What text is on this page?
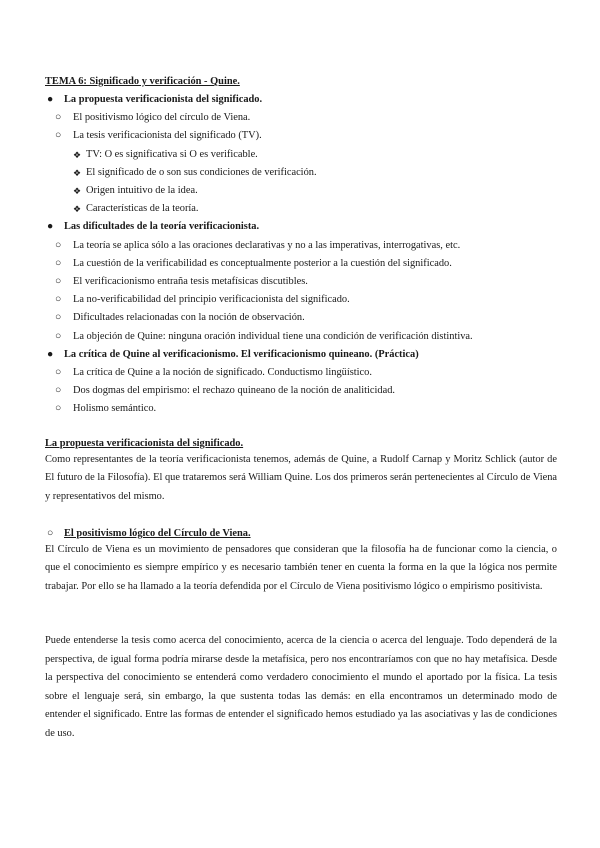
TEMA 6: Significado y verificación - Quine.
● La propuesta verificacionista del significado.
○ El positivismo lógico del círculo de Viena.
○ La tesis verificacionista del significado (TV).
❖ TV: O es significativa si O es verificable.
❖ El significado de o son sus condiciones de verificación.
❖ Origen intuitivo de la idea.
❖ Características de la teoría.
● Las dificultades de la teoría verificacionista.
○ La teoría se aplica sólo a las oraciones declarativas y no a las imperativas, interrogativas, etc.
○ La cuestión de la verificabilidad es conceptualmente posterior a la cuestión del significado.
○ El verificacionismo entraña tesis metafísicas discutibles.
○ La no-verificabilidad del principio verificacionista del significado.
○ Dificultades relacionadas con la noción de observación.
○ La objeción de Quine: ninguna oración individual tiene una condición de verificación distintiva.
● La crítica de Quine al verificacionismo. El verificacionismo quineano. (Práctica)
○ La crítica de Quine a la noción de significado. Conductismo lingüístico.
○ Dos dogmas del empirismo: el rechazo quineano de la noción de analiticidad.
○ Holismo semántico.
La propuesta verificacionista del significado.
Como representantes de la teoría verificacionista tenemos, además de Quine, a Rudolf Carnap y Moritz Schlick (autor de El futuro de la Filosofía). El que trataremos será William Quine. Los dos primeros serán pertenecientes al Círculo de Viena y representativos del mismo.
○ El positivismo lógico del Círculo de Viena.
El Círculo de Viena es un movimiento de pensadores que consideran que la filosofía ha de funcionar como la ciencia, o que el conocimiento es siempre empírico y es necesario también tener en cuenta la forma en la que la lógica nos permite trabajar. Por ello se ha llamado a la teoría defendida por el Círculo de Viena positivismo lógico o empirismo positivista.
Puede entenderse la tesis como acerca del conocimiento, acerca de la ciencia o acerca del lenguaje. Todo dependerá de la perspectiva, de igual forma podría mirarse desde la metafísica, pero nos encontraríamos con que no hay metafísica. Desde la perspectiva del conocimiento se entenderá como verdadero conocimiento el mundo el aportado por la física. La tesis sobre el lenguaje será, sin embargo, la que sustenta todas las demás: en ella encontramos un determinado modo de entender el significado. Entre las formas de entender el significado hemos estudiado ya las asociativas y las de condiciones de uso.
